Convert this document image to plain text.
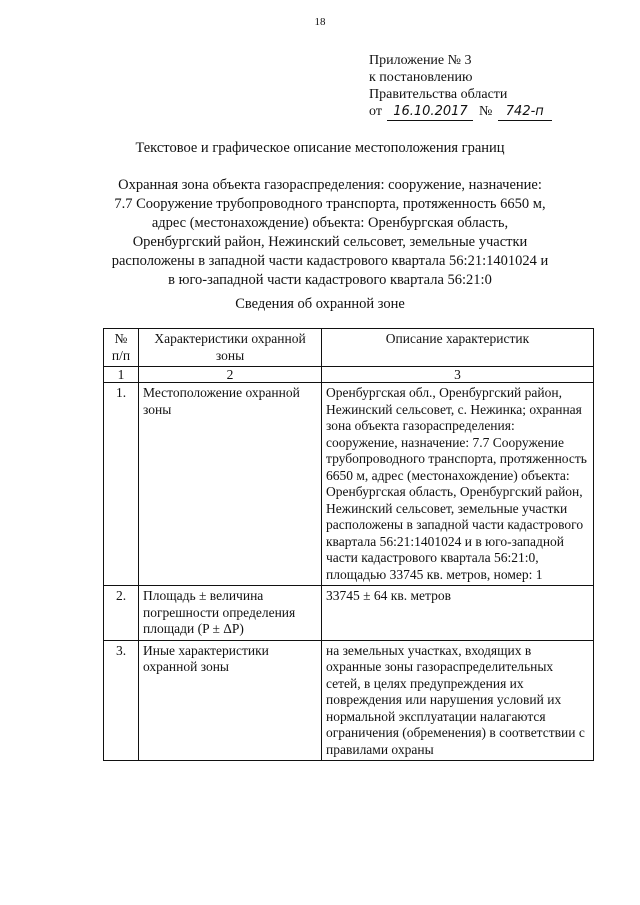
18
Приложение № 3
к постановлению
Правительства области
от 16.10.2017 № 742-п
Текстовое и графическое описание местоположения границ
Охранная зона объекта газораспределения: сооружение, назначение:
7.7 Сооружение трубопроводного транспорта, протяженность 6650 м,
адрес (местонахождение) объекта: Оренбургская область,
Оренбургский район, Нежинский сельсовет, земельные участки
расположены в западной части кадастрового квартала 56:21:1401024 и
в юго-западной части кадастрового квартала 56:21:0
Сведения об охранной зоне
№ п/п	Характеристики охранной зоны	Описание характеристик
1	2	3
1.	Местоположение охранной зоны	Оренбургская обл., Оренбургский район, Нежинский сельсовет, с. Нежинка; охранная зона объекта газораспределения: сооружение, назначение: 7.7 Сооружение трубопроводного транспорта, протяженность 6650 м, адрес (местонахождение) объекта: Оренбургская область, Оренбургский район, Нежинский сельсовет, земельные участки расположены в западной части кадастрового квартала 56:21:1401024 и в юго-западной части кадастрового квартала 56:21:0, площадью 33745 кв. метров, номер: 1
2.	Площадь ± величина погрешности определения площади (P ± ΔP)	33745 ± 64 кв. метров
3.	Иные характеристики охранной зоны	на земельных участках, входящих в охранные зоны газораспределительных сетей, в целях предупреждения их повреждения или нарушения условий их нормальной эксплуатации налагаются ограничения (обременения) в соответствии с правилами охраны
